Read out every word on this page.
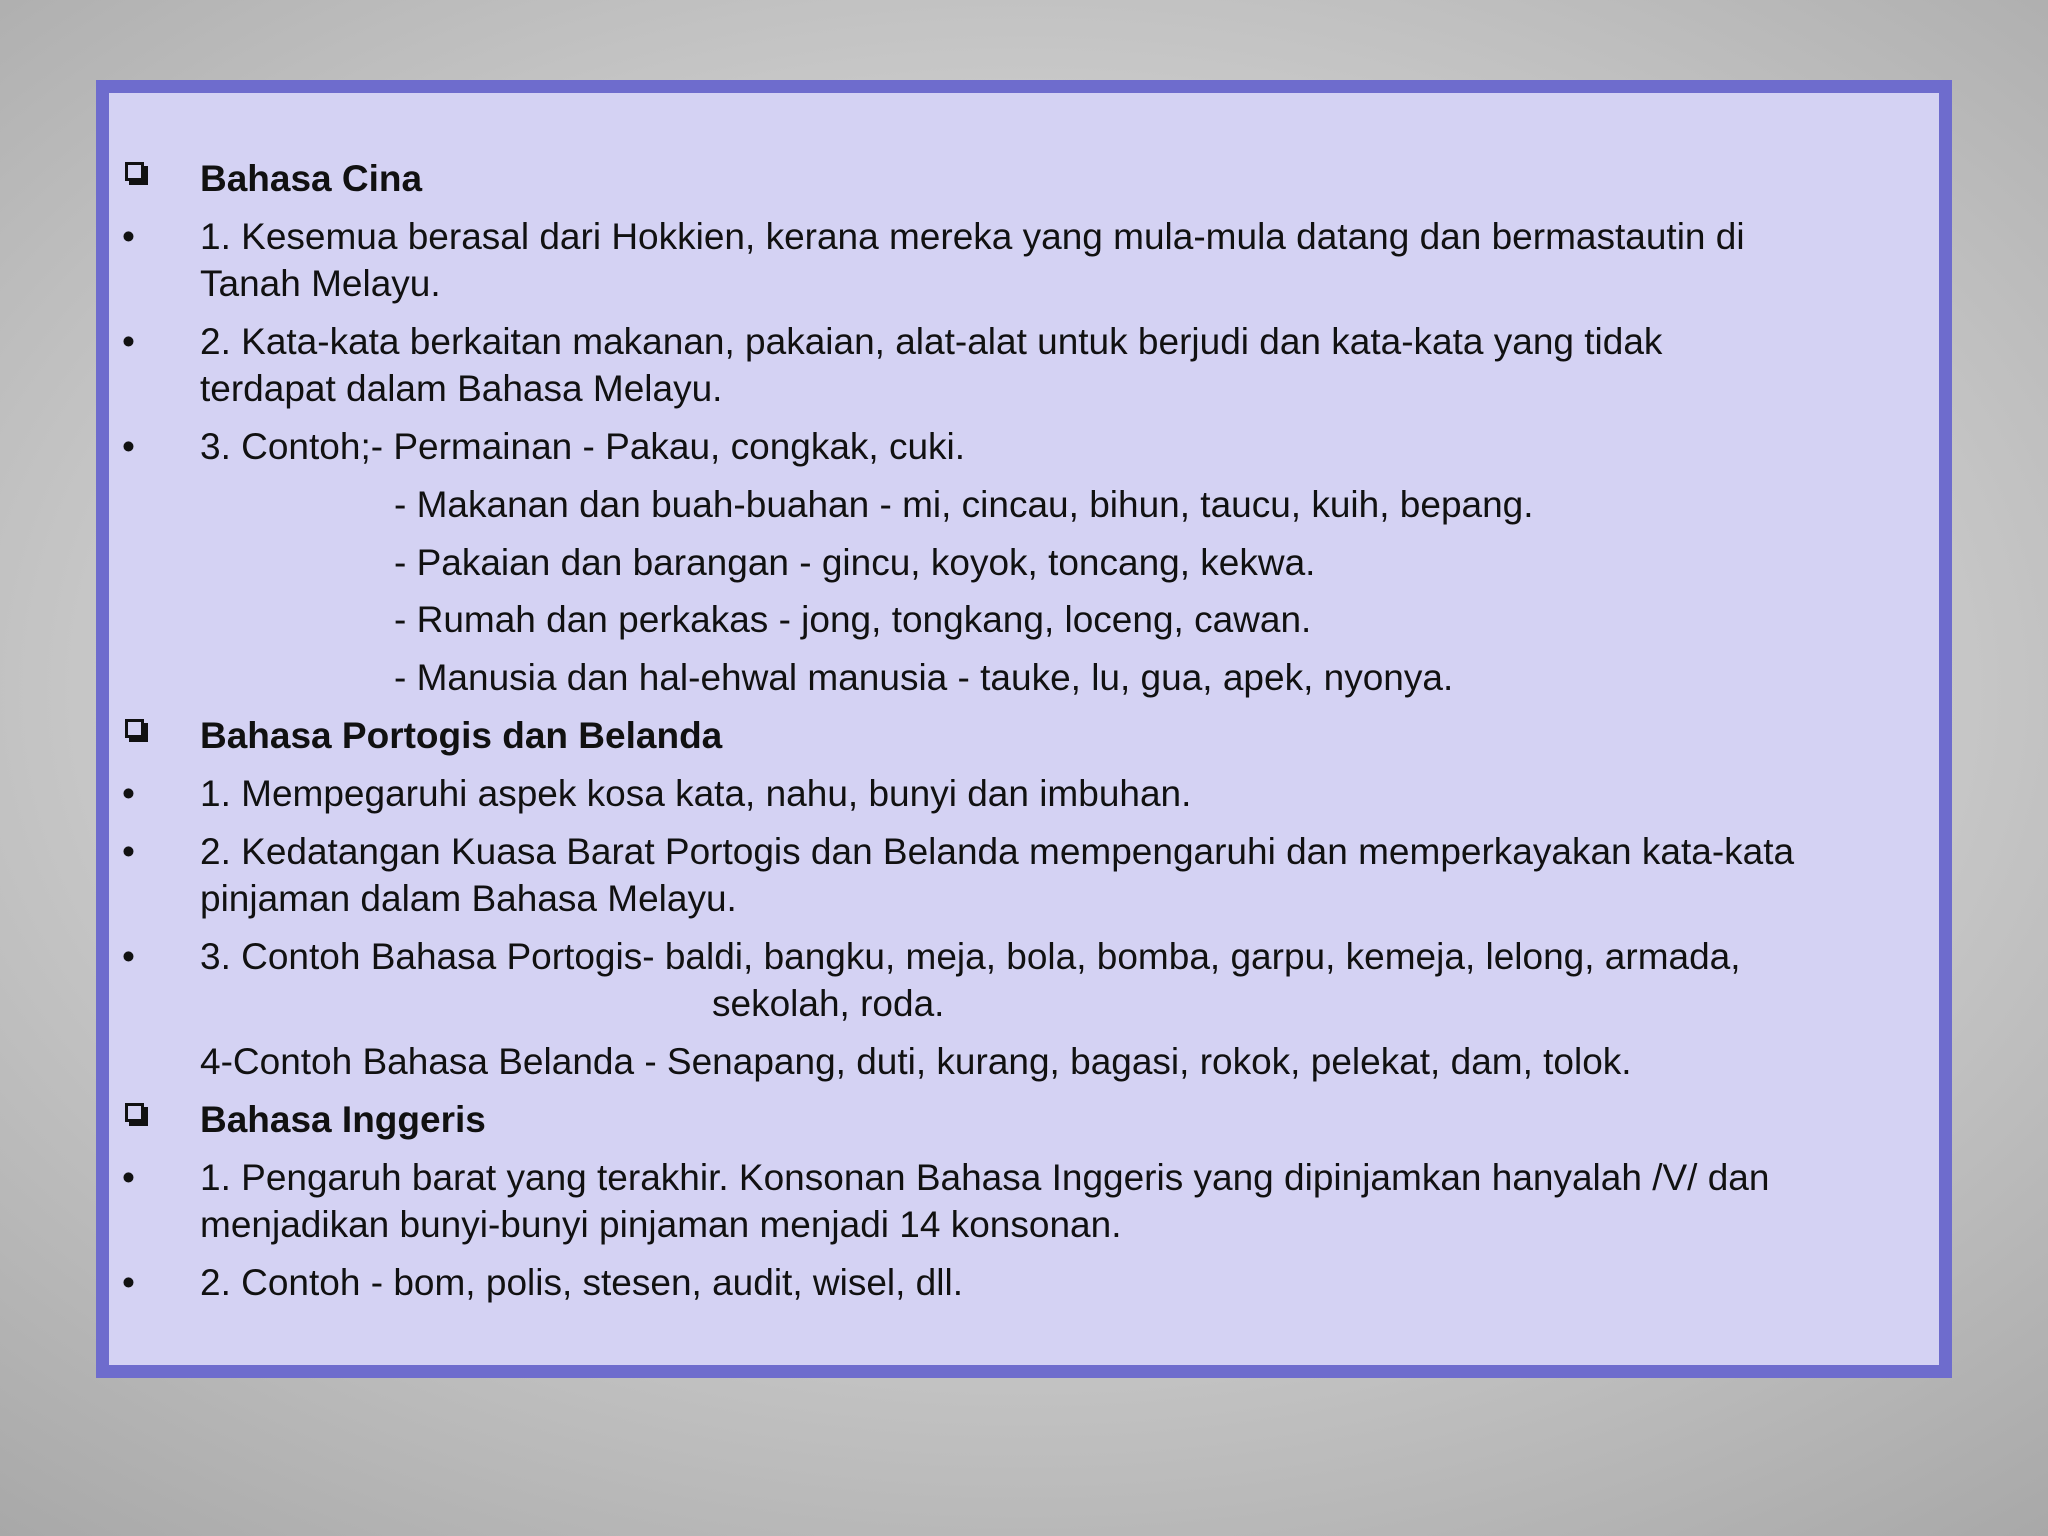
Bahasa Cina
• 1. Kesemua berasal dari Hokkien, kerana mereka yang mula-mula datang dan bermastautin di
Tanah Melayu.
• 2. Kata-kata berkaitan makanan, pakaian, alat-alat untuk berjudi dan kata-kata yang tidak
terdapat dalam Bahasa Melayu.
• 3. Contoh;- Permainan - Pakau, congkak, cuki.
- Makanan dan buah-buahan - mi, cincau, bihun, taucu, kuih, bepang.
- Pakaian dan barangan - gincu, koyok, toncang, kekwa.
- Rumah dan perkakas - jong, tongkang, loceng, cawan.
- Manusia dan hal-ehwal manusia - tauke, lu, gua, apek, nyonya.
Bahasa Portogis dan Belanda
• 1. Mempegaruhi aspek kosa kata, nahu, bunyi dan imbuhan.
• 2. Kedatangan Kuasa Barat Portogis dan Belanda mempengaruhi dan memperkayakan kata-kata
pinjaman dalam Bahasa Melayu.
• 3. Contoh Bahasa Portogis- baldi, bangku, meja, bola, bomba, garpu, kemeja, lelong, armada,
sekolah, roda.
4-Contoh Bahasa Belanda - Senapang, duti, kurang, bagasi, rokok, pelekat, dam, tolok.
Bahasa Inggeris
• 1. Pengaruh barat yang terakhir. Konsonan Bahasa Inggeris yang dipinjamkan hanyalah /V/ dan
menjadikan bunyi-bunyi pinjaman menjadi 14 konsonan.
• 2. Contoh - bom, polis, stesen, audit, wisel, dll.
